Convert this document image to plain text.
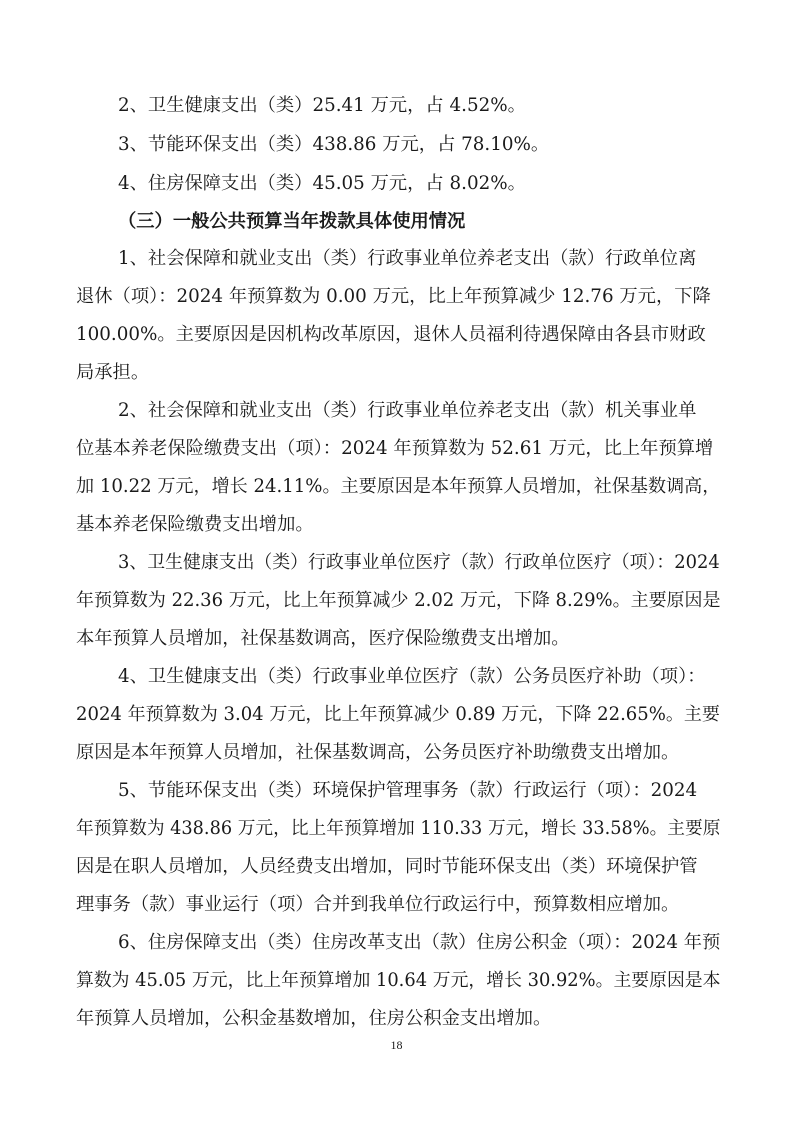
2、卫生健康支出（类）25.41 万元，占 4.52%。
3、节能环保支出（类）438.86 万元，占 78.10%。
4、住房保障支出（类）45.05 万元，占 8.02%。
（三）一般公共预算当年拨款具体使用情况
1、社会保障和就业支出（类）行政事业单位养老支出（款）行政单位离
退休（项）：2024 年预算数为 0.00 万元，比上年预算减少 12.76 万元，下降
100.00%。主要原因是因机构改革原因，退休人员福利待遇保障由各县市财政
局承担。
2、社会保障和就业支出（类）行政事业单位养老支出（款）机关事业单
位基本养老保险缴费支出（项）：2024 年预算数为 52.61 万元，比上年预算增
加 10.22 万元，增长 24.11%。主要原因是本年预算人员增加，社保基数调高，
基本养老保险缴费支出增加。
3、卫生健康支出（类）行政事业单位医疗（款）行政单位医疗（项）：2024
年预算数为 22.36 万元，比上年预算减少 2.02 万元，下降 8.29%。主要原因是
本年预算人员增加，社保基数调高，医疗保险缴费支出增加。
4、卫生健康支出（类）行政事业单位医疗（款）公务员医疗补助（项）：
2024 年预算数为 3.04 万元，比上年预算减少 0.89 万元，下降 22.65%。主要
原因是本年预算人员增加，社保基数调高，公务员医疗补助缴费支出增加。
5、节能环保支出（类）环境保护管理事务（款）行政运行（项）：2024
年预算数为 438.86 万元，比上年预算增加 110.33 万元，增长 33.58%。主要原
因是在职人员增加，人员经费支出增加，同时节能环保支出（类）环境保护管
理事务（款）事业运行（项）合并到我单位行政运行中，预算数相应增加。
6、住房保障支出（类）住房改革支出（款）住房公积金（项）：2024 年预
算数为 45.05 万元，比上年预算增加 10.64 万元，增长 30.92%。主要原因是本
年预算人员增加，公积金基数增加，住房公积金支出增加。
18
